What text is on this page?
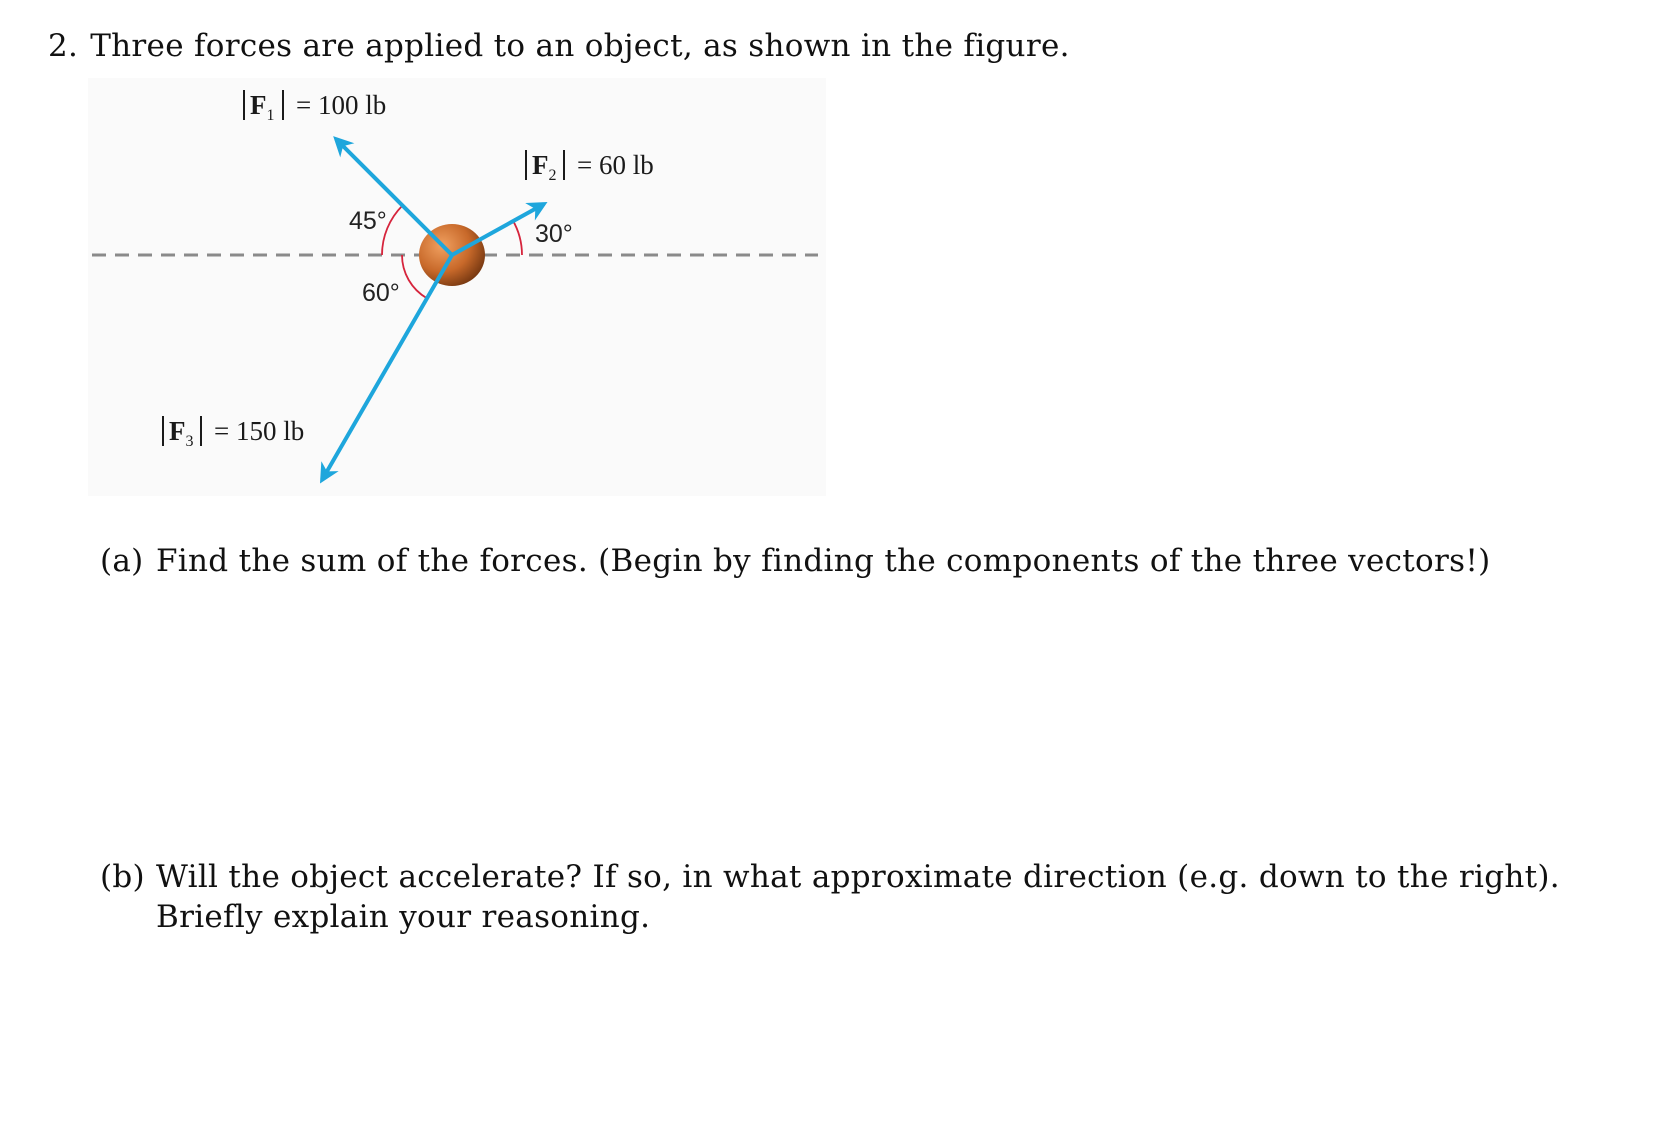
2. Three forces are applied to an object, as shown in the figure.
$F_1 = 100$ lb
$F_2 = 60$ lb
$F_3 = 150$ lb
45°	30°
60°
(a) Find the sum of the forces. (Begin by finding the components of the three vectors!)
(b) Will the object accelerate? If so, in what approximate direction (e.g. down to the right). Briefly explain your reasoning.
